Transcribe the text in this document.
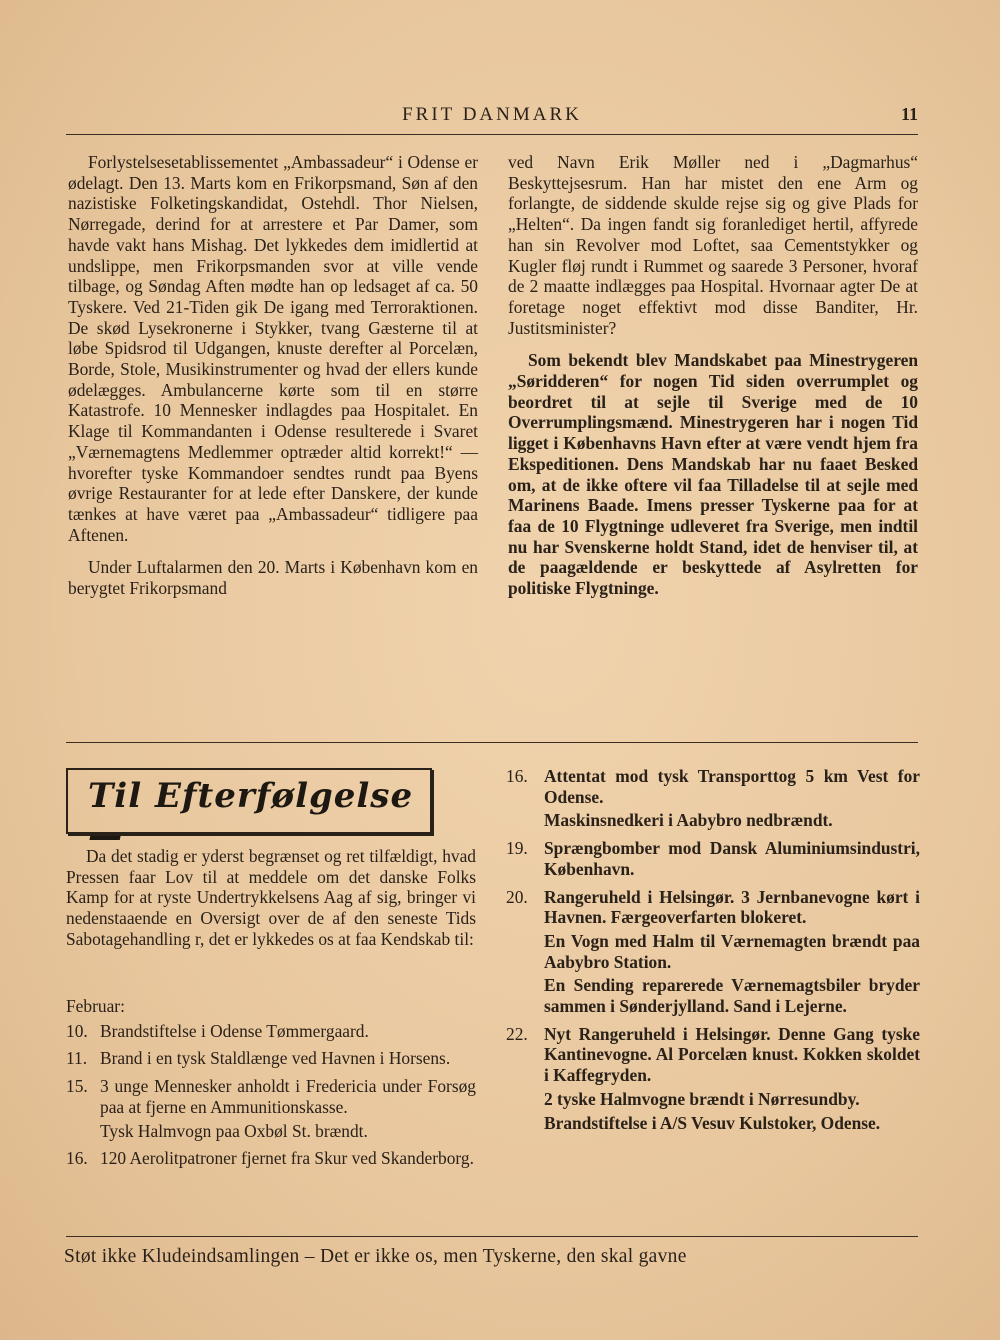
FRIT DANMARK	11

Forlystelsesetablissementet „Ambassadeur“ i Odense er ødelagt. Den 13. Marts kom en Frikorpsmand, Søn af den nazistiske Folketingskandidat, Ostehdl. Thor Nielsen, Nørregade, derind for at arrestere et Par Damer, som havde vakt hans Mishag. Det lykkedes dem imidlertid at undslippe, men Frikorpsmanden svor at ville vende tilbage, og Søndag Aften mødte han op ledsaget af ca. 50 Tyskere. Ved 21-Tiden gik De igang med Terroraktionen. De skød Lysekronerne i Stykker, tvang Gæsterne til at løbe Spidsrod til Udgangen, knuste derefter al Porcelæn, Borde, Stole, Musikinstrumenter og hvad der ellers kunde ødelægges. Ambulancerne kørte som til en større Katastrofe. 10 Mennesker indlagdes paa Hospitalet. En Klage til Kommandanten i Odense resulterede i Svaret „Værnemagtens Medlemmer optræder altid korrekt!“ — hvorefter tyske Kommandoer sendtes rundt paa Byens øvrige Restauranter for at lede efter Danskere, der kunde tænkes at have været paa „Ambassadeur“ tidligere paa Aftenen.

Under Luftalarmen den 20. Marts i København kom en berygtet Frikorpsmand

ved Navn Erik Møller ned i „Dagmarhus“ Beskyttejsesrum. Han har mistet den ene Arm og forlangte, de siddende skulde rejse sig og give Plads for „Helten“. Da ingen fandt sig foranlediget hertil, affyrede han sin Revolver mod Loftet, saa Cementstykker og Kugler fløj rundt i Rummet og saarede 3 Personer, hvoraf de 2 maatte indlægges paa Hospital. Hvornaar agter De at foretage noget effektivt mod disse Banditer, Hr. Justitsminister?

Som bekendt blev Mandskabet paa Minestrygeren „Søridderen“ for nogen Tid siden overrumplet og beordret til at sejle til Sverige med de 10 Overrumplingsmænd. Minestrygeren har i nogen Tid ligget i Københavns Havn efter at være vendt hjem fra Ekspeditionen. Dens Mandskab har nu faaet Besked om, at de ikke oftere vil faa Tilladelse til at sejle med Marinens Baade. Imens presser Tyskerne paa for at faa de 10 Flygtninge udleveret fra Sverige, men indtil nu har Svenskerne holdt Stand, idet de henviser til, at de paagældende er beskyttede af Asylretten for politiske Flygtninge.

Til Efterfølgelse —

Da det stadig er yderst begrænset og ret tilfældigt, hvad Pressen faar Lov til at meddele om det danske Folks Kamp for at ryste Undertrykkelsens Aag af sig, bringer vi nedenstaaende en Oversigt over de af den seneste Tids Sabotagehandling r, det er lykkedes os at faa Kendskab til:

Februar:
10. Brandstiftelse i Odense Tømmergaard.
11. Brand i en tysk Staldlænge ved Havnen i Horsens.
15. 3 unge Mennesker anholdt i Fredericia under Forsøg paa at fjerne en Ammunitionskasse.
Tysk Halmvogn paa Oxbøl St. brændt.
16. 120 Aerolitpatroner fjernet fra Skur ved Skanderborg.
16. Attentat mod tysk Transporttog 5 km Vest for Odense.
Maskinsnedkeri i Aabybro nedbrændt.
19. Sprængbomber mod Dansk Aluminiumsindustri, København.
20. Rangeruheld i Helsingør. 3 Jernbanevogne kørt i Havnen. Færgeoverfarten blokeret.
En Vogn med Halm til Værnemagten brændt paa Aabybro Station.
En Sending reparerede Værnemagtsbiler bryder sammen i Sønderjylland. Sand i Lejerne.
22. Nyt Rangeruheld i Helsingør. Denne Gang tyske Kantinevogne. Al Porcelæn knust. Kokken skoldet i Kaffegryden.
2 tyske Halmvogne brændt i Nørresundby.
Brandstiftelse i A/S Vesuv Kulstoker, Odense.
Støt ikke Kludeindsamlingen – Det er ikke os, men Tyskerne, den skal gavne
